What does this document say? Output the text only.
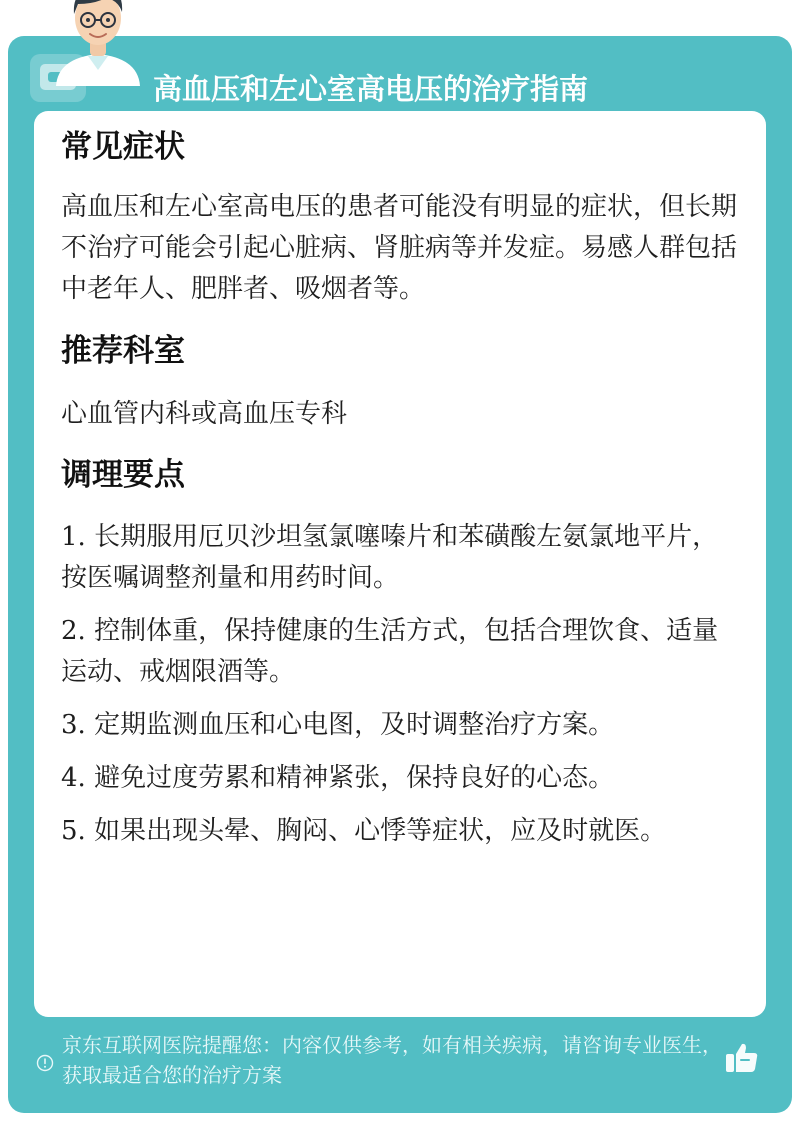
高血压和左心室高电压的治疗指南
常见症状

高血压和左心室高电压的患者可能没有明显的症状，但长期不治疗可能会引起心脏病、肾脏病等并发症。易感人群包括中老年人、肥胖者、吸烟者等。

推荐科室

心血管内科或高血压专科

调理要点

1. 长期服用厄贝沙坦氢氯噻嗪片和苯磺酸左氨氯地平片，按医嘱调整剂量和用药时间。

2. 控制体重，保持健康的生活方式，包括合理饮食、适量运动、戒烟限酒等。

3. 定期监测血压和心电图，及时调整治疗方案。

4. 避免过度劳累和精神紧张，保持良好的心态。

5. 如果出现头晕、胸闷、心悸等症状，应及时就医。

京东互联网医院提醒您：内容仅供参考，如有相关疾病，请咨询专业医生，获取最适合您的治疗方案
